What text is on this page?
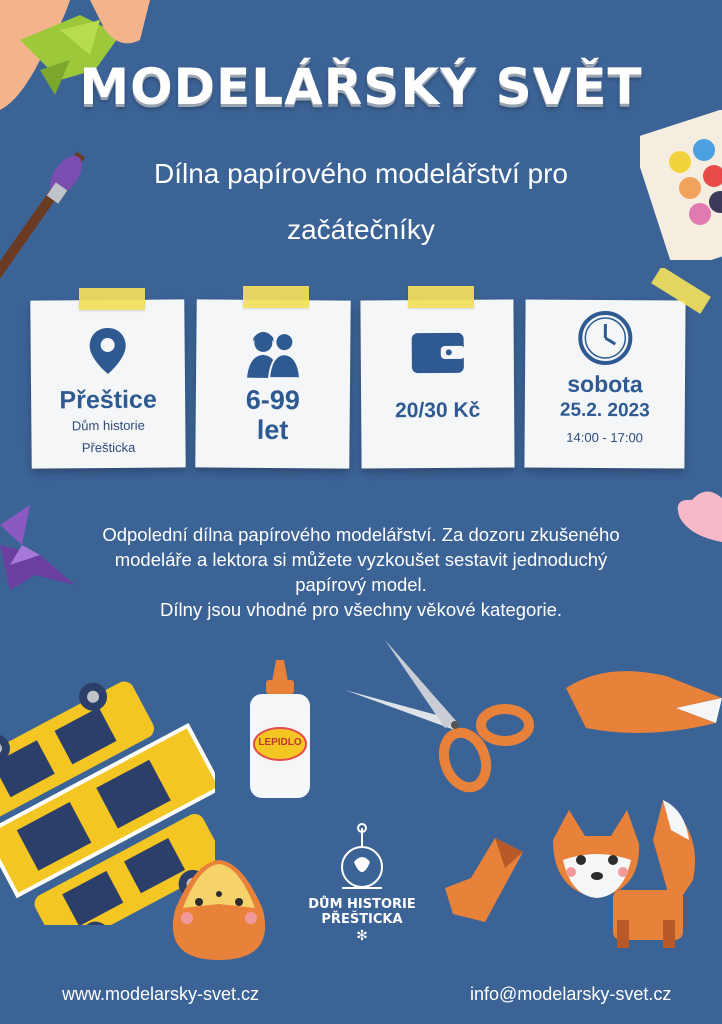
MODELÁŘSKÝ SVĚT
Dílna papírového modelářství pro začátečníky
Přeštice
Dům historie
Přešticka
6-99
let
20/30 Kč
sobota
25.2. 2023
14:00 - 17:00
Odpolední dílna papírového modelářství. Za dozoru zkušeného
modeláře a lektora si můžete vyzkoušet sestavit jednoduchý
papírový model.
Dílny jsou vhodné pro všechny věkové kategorie.
LEPIDLO
DŮM HISTORIE
PŘEŠTICKA
✻
www.modelarsky-svet.cz	info@modelarsky-svet.cz
